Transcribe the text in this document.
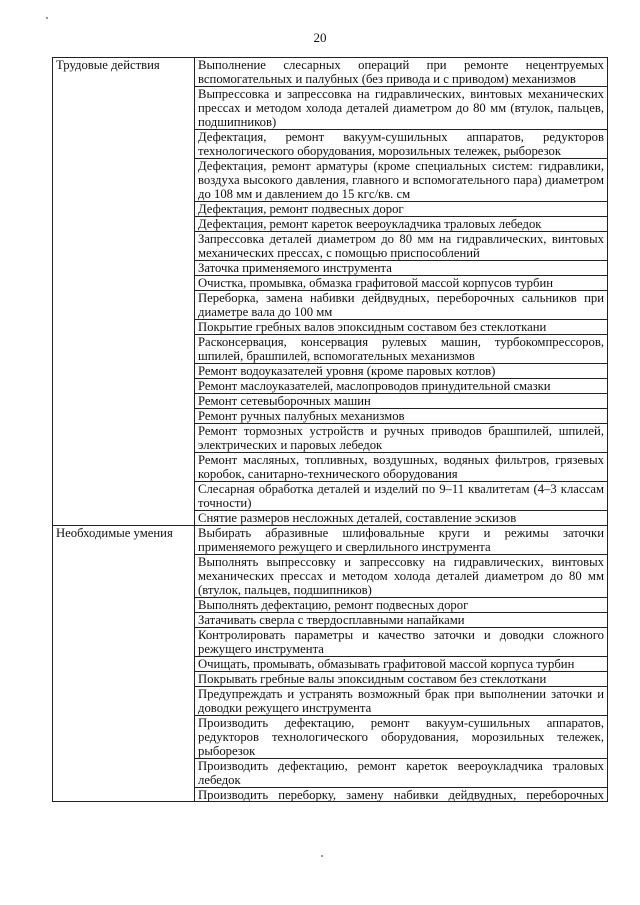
20
Трудовые действия	Выполнение слесарных операций при ремонте нецентруемых вспомогательных и палубных (без привода и с приводом) механизмов
	Выпрессовка и запрессовка на гидравлических, винтовых механических прессах и методом холода деталей диаметром до 80 мм (втулок, пальцев, подшипников)
	Дефектация, ремонт вакуум-сушильных аппаратов, редукторов технологического оборудования, морозильных тележек, рыборезок
	Дефектация, ремонт арматуры (кроме специальных систем: гидравлики, воздуха высокого давления, главного и вспомогательного пара) диаметром до 108 мм и давлением до 15 кгс/кв. см
	Дефектация, ремонт подвесных дорог
	Дефектация, ремонт кареток веероукладчика траловых лебедок
	Запрессовка деталей диаметром до 80 мм на гидравлических, винтовых механических прессах, с помощью приспособлений
	Заточка применяемого инструмента
	Очистка, промывка, обмазка графитовой массой корпусов турбин
	Переборка, замена набивки дейдвудных, переборочных сальников при диаметре вала до 100 мм
	Покрытие гребных валов эпоксидным составом без стеклоткани
	Расконсервация, консервация рулевых машин, турбокомпрессоров, шпилей, брашпилей, вспомогательных механизмов
	Ремонт водоуказателей уровня (кроме паровых котлов)
	Ремонт маслоуказателей, маслопроводов принудительной смазки
	Ремонт сетевыборочных машин
	Ремонт ручных палубных механизмов
	Ремонт тормозных устройств и ручных приводов брашпилей, шпилей, электрических и паровых лебедок
	Ремонт масляных, топливных, воздушных, водяных фильтров, грязевых коробок, санитарно-технического оборудования
	Слесарная обработка деталей и изделий по 9–11 квалитетам (4–3 классам точности)
	Снятие размеров несложных деталей, составление эскизов
Необходимые умения	Выбирать абразивные шлифовальные круги и режимы заточки применяемого режущего и сверлильного инструмента
	Выполнять выпрессовку и запрессовку на гидравлических, винтовых механических прессах и методом холода деталей диаметром до 80 мм (втулок, пальцев, подшипников)
	Выполнять дефектацию, ремонт подвесных дорог
	Затачивать сверла с твердосплавными напайками
	Контролировать параметры и качество заточки и доводки сложного режущего инструмента
	Очищать, промывать, обмазывать графитовой массой корпуса турбин
	Покрывать гребные валы эпоксидным составом без стеклоткани
	Предупреждать и устранять возможный брак при выполнении заточки и доводки режущего инструмента
	Производить дефектацию, ремонт вакуум-сушильных аппаратов, редукторов технологического оборудования, морозильных тележек, рыборезок
	Производить дефектацию, ремонт кареток веероукладчика траловых лебедок

	Производить переборку, замену набивки дейдвудных, переборочных
